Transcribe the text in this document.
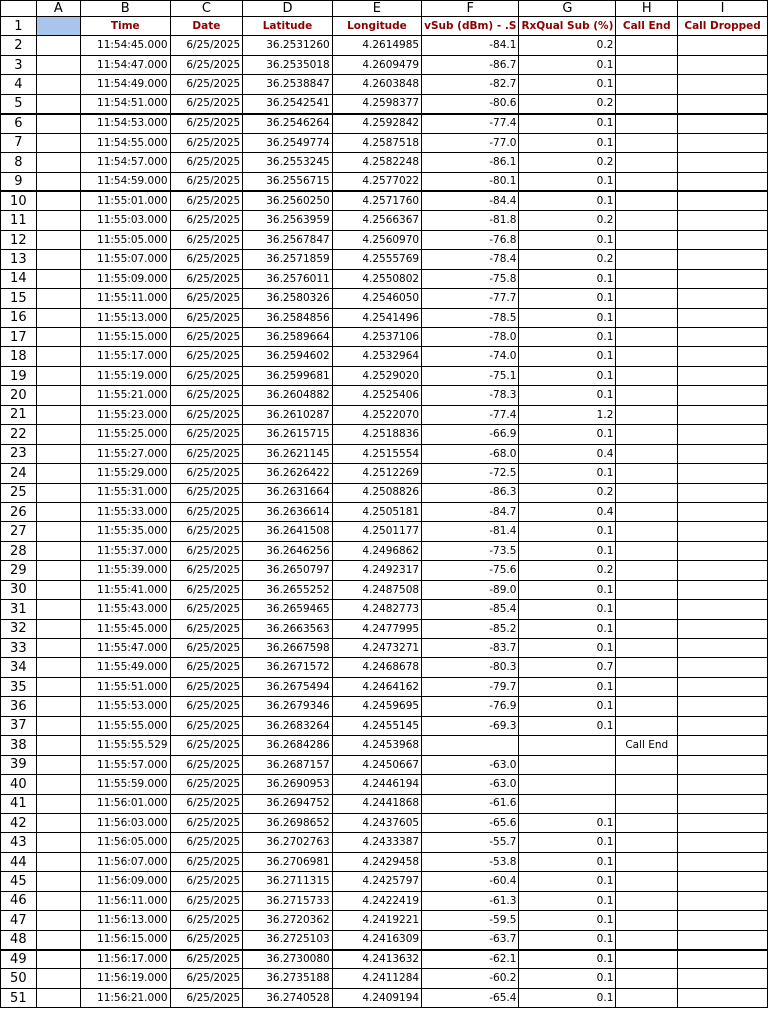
	A	B	C	D	E	F	G	H	I
1		Time	Date	Latitude	Longitude	vSub (dBm) - .S	RxQual Sub (%)	Call End	Call Dropped
2		11:54:45.000	6/25/2025	36.2531260	4.2614985	-84.1	0.2		
3		11:54:47.000	6/25/2025	36.2535018	4.2609479	-86.7	0.1		
4		11:54:49.000	6/25/2025	36.2538847	4.2603848	-82.7	0.1		
5		11:54:51.000	6/25/2025	36.2542541	4.2598377	-80.6	0.2		
6		11:54:53.000	6/25/2025	36.2546264	4.2592842	-77.4	0.1		
7		11:54:55.000	6/25/2025	36.2549774	4.2587518	-77.0	0.1		
8		11:54:57.000	6/25/2025	36.2553245	4.2582248	-86.1	0.2		
9		11:54:59.000	6/25/2025	36.2556715	4.2577022	-80.1	0.1		
10		11:55:01.000	6/25/2025	36.2560250	4.2571760	-84.4	0.1		
11		11:55:03.000	6/25/2025	36.2563959	4.2566367	-81.8	0.2		
12		11:55:05.000	6/25/2025	36.2567847	4.2560970	-76.8	0.1		
13		11:55:07.000	6/25/2025	36.2571859	4.2555769	-78.4	0.2		
14		11:55:09.000	6/25/2025	36.2576011	4.2550802	-75.8	0.1		
15		11:55:11.000	6/25/2025	36.2580326	4.2546050	-77.7	0.1		
16		11:55:13.000	6/25/2025	36.2584856	4.2541496	-78.5	0.1		
17		11:55:15.000	6/25/2025	36.2589664	4.2537106	-78.0	0.1		
18		11:55:17.000	6/25/2025	36.2594602	4.2532964	-74.0	0.1		
19		11:55:19.000	6/25/2025	36.2599681	4.2529020	-75.1	0.1		
20		11:55:21.000	6/25/2025	36.2604882	4.2525406	-78.3	0.1		
21		11:55:23.000	6/25/2025	36.2610287	4.2522070	-77.4	1.2		
22		11:55:25.000	6/25/2025	36.2615715	4.2518836	-66.9	0.1		
23		11:55:27.000	6/25/2025	36.2621145	4.2515554	-68.0	0.4		
24		11:55:29.000	6/25/2025	36.2626422	4.2512269	-72.5	0.1		
25		11:55:31.000	6/25/2025	36.2631664	4.2508826	-86.3	0.2		
26		11:55:33.000	6/25/2025	36.2636614	4.2505181	-84.7	0.4		
27		11:55:35.000	6/25/2025	36.2641508	4.2501177	-81.4	0.1		
28		11:55:37.000	6/25/2025	36.2646256	4.2496862	-73.5	0.1		
29		11:55:39.000	6/25/2025	36.2650797	4.2492317	-75.6	0.2		
30		11:55:41.000	6/25/2025	36.2655252	4.2487508	-89.0	0.1		
31		11:55:43.000	6/25/2025	36.2659465	4.2482773	-85.4	0.1		
32		11:55:45.000	6/25/2025	36.2663563	4.2477995	-85.2	0.1		
33		11:55:47.000	6/25/2025	36.2667598	4.2473271	-83.7	0.1		
34		11:55:49.000	6/25/2025	36.2671572	4.2468678	-80.3	0.7		
35		11:55:51.000	6/25/2025	36.2675494	4.2464162	-79.7	0.1		
36		11:55:53.000	6/25/2025	36.2679346	4.2459695	-76.9	0.1		
37		11:55:55.000	6/25/2025	36.2683264	4.2455145	-69.3	0.1		
38		11:55:55.529	6/25/2025	36.2684286	4.2453968			Call End	
39		11:55:57.000	6/25/2025	36.2687157	4.2450667	-63.0			
40		11:55:59.000	6/25/2025	36.2690953	4.2446194	-63.0			
41		11:56:01.000	6/25/2025	36.2694752	4.2441868	-61.6			
42		11:56:03.000	6/25/2025	36.2698652	4.2437605	-65.6	0.1		
43		11:56:05.000	6/25/2025	36.2702763	4.2433387	-55.7	0.1		
44		11:56:07.000	6/25/2025	36.2706981	4.2429458	-53.8	0.1		
45		11:56:09.000	6/25/2025	36.2711315	4.2425797	-60.4	0.1		
46		11:56:11.000	6/25/2025	36.2715733	4.2422419	-61.3	0.1		
47		11:56:13.000	6/25/2025	36.2720362	4.2419221	-59.5	0.1		
48		11:56:15.000	6/25/2025	36.2725103	4.2416309	-63.7	0.1		
49		11:56:17.000	6/25/2025	36.2730080	4.2413632	-62.1	0.1		
50		11:56:19.000	6/25/2025	36.2735188	4.2411284	-60.2	0.1		
51		11:56:21.000	6/25/2025	36.2740528	4.2409194	-65.4	0.1		
